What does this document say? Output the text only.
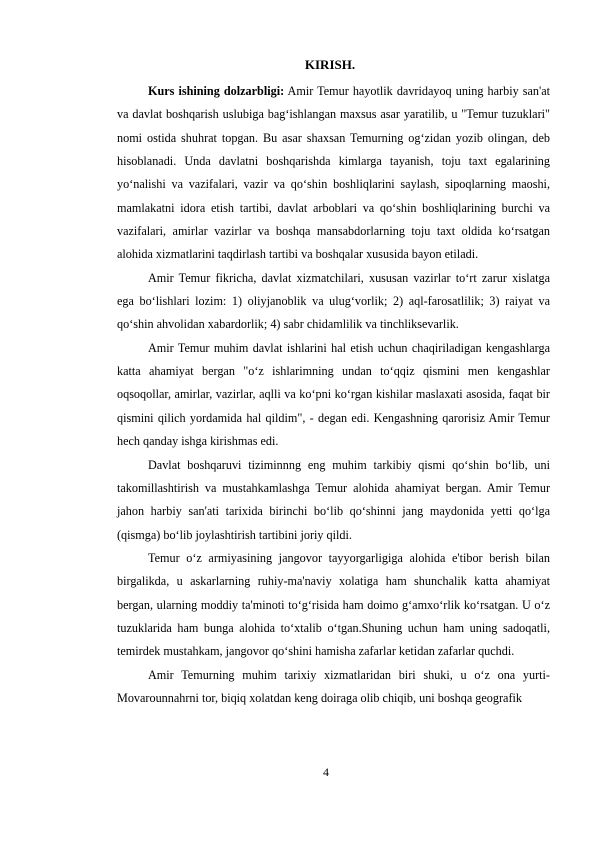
KIRISH.

Kurs ishining dolzarbligi: Amir Temur hayotlik davridayoq uning harbiy san'at va davlat boshqarish uslubiga bag‘ishlangan maxsus asar yaratilib, u "Temur tuzuklari" nomi ostida shuhrat topgan. Bu asar shaxsan Temurning og‘zidan yozib olingan, deb hisoblanadi. Unda davlatni boshqarishda kimlarga tayanish, toju taxt egalarining yo‘nalishi va vazifalari, vazir va qo‘shin boshliqlarini saylash, sipoqlarning maoshi, mamlakatni idora etish tartibi, davlat arboblari va qo‘shin boshliqlarining burchi va vazifalari, amirlar vazirlar va boshqa mansabdorlarning toju taxt oldida ko‘rsatgan alohida xizmatlarini taqdirlash tartibi va boshqalar xususida bayon etiladi.

Amir Temur fikricha, davlat xizmatchilari, xususan vazirlar to‘rt zarur xislatga ega bo‘lishlari lozim: 1) oliyjanoblik va ulug‘vorlik; 2) aql-farosatlilik; 3) raiyat va qo‘shin ahvolidan xabardorlik; 4) sabr chidamlilik va tinchliksevarlik.

Amir Temur muhim davlat ishlarini hal etish uchun chaqiriladigan kengashlarga katta ahamiyat bergan "o‘z ishlarimning undan to‘qqiz qismini men kengashlar oqsoqollar, amirlar, vazirlar, aqlli va ko‘pni ko‘rgan kishilar maslaxati asosida, faqat bir qismini qilich yordamida hal qildim", - degan edi. Kengashning qarorisiz Amir Temur hech qanday ishga kirishmas edi.

Davlat boshqaruvi tiziminnng eng muhim tarkibiy qismi qo‘shin bo‘lib, uni takomillashtirish va mustahkamlashga Temur alohida ahamiyat bergan. Amir Temur jahon harbiy san'ati tarixida birinchi bo‘lib qo‘shinni jang maydonida yetti qo‘lga (qismga) bo‘lib joylashtirish tartibini joriy qildi.

Temur o‘z armiyasining jangovor tayyorgarligiga alohida e'tibor berish bilan birgalikda, u askarlarning ruhiy-ma'naviy xolatiga ham shunchalik katta ahamiyat bergan, ularning moddiy ta'minoti to‘g‘risida ham doimo g‘amxo‘rlik ko‘rsatgan. U o‘z tuzuklarida ham bunga alohida to‘xtalib o‘tgan.Shuning uchun ham uning sadoqatli, temirdek mustahkam, jangovor qo‘shini hamisha zafarlar ketidan zafarlar quchdi.

Amir Temurning muhim tarixiy xizmatlaridan biri shuki, u o‘z ona yurti-Movarounnahrni tor, biqiq xolatdan keng doiraga olib chiqib, uni boshqa geografik

4
